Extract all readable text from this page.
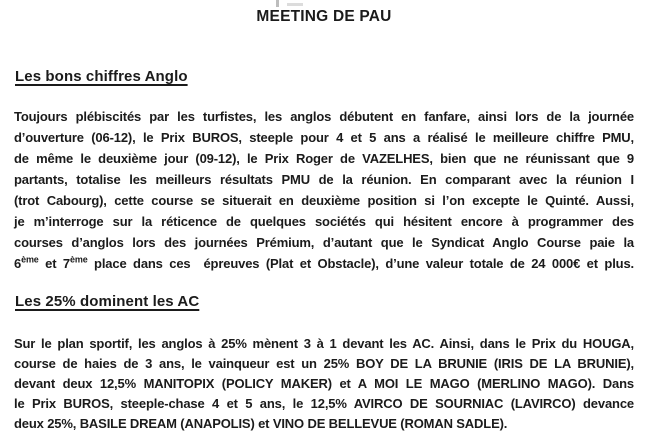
MEETING DE PAU
Les bons chiffres Anglo
Toujours plébiscités par les turfistes, les anglos débutent en fanfare, ainsi lors de la journée
d’ouverture (06-12), le Prix BUROS, steeple pour 4 et 5 ans a réalisé le meilleure chiffre PMU,
de même le deuxième jour (09-12), le Prix Roger de VAZELHES, bien que ne réunissant que 9
partants, totalise les meilleurs résultats PMU de la réunion. En comparant avec la réunion I
(trot Cabourg), cette course se situerait en deuxième position si l’on excepte le Quinté. Aussi,
je m’interroge sur la réticence de quelques sociétés qui hésitent encore à programmer des
courses d’anglos lors des journées Prémium, d’autant que le Syndicat Anglo Course paie la
6ème et 7ème place dans ces  épreuves (Plat et Obstacle), d’une valeur totale de 24 000€ et plus.
Les 25% dominent les AC
Sur le plan sportif, les anglos à 25% mènent 3 à 1 devant les AC. Ainsi, dans le Prix du HOUGA,
course de haies de 3 ans, le vainqueur est un 25% BOY DE LA BRUNIE (IRIS DE LA BRUNIE),
devant deux 12,5% MANITOPIX (POLICY MAKER) et A MOI LE MAGO (MERLINO MAGO). Dans
le Prix BUROS, steeple-chase 4 et 5 ans, le 12,5% AVIRCO DE SOURNIAC (LAVIRCO) devance
deux 25%, BASILE DREAM (ANAPOLIS) et VINO DE BELLEVUE (ROMAN SADLE).
